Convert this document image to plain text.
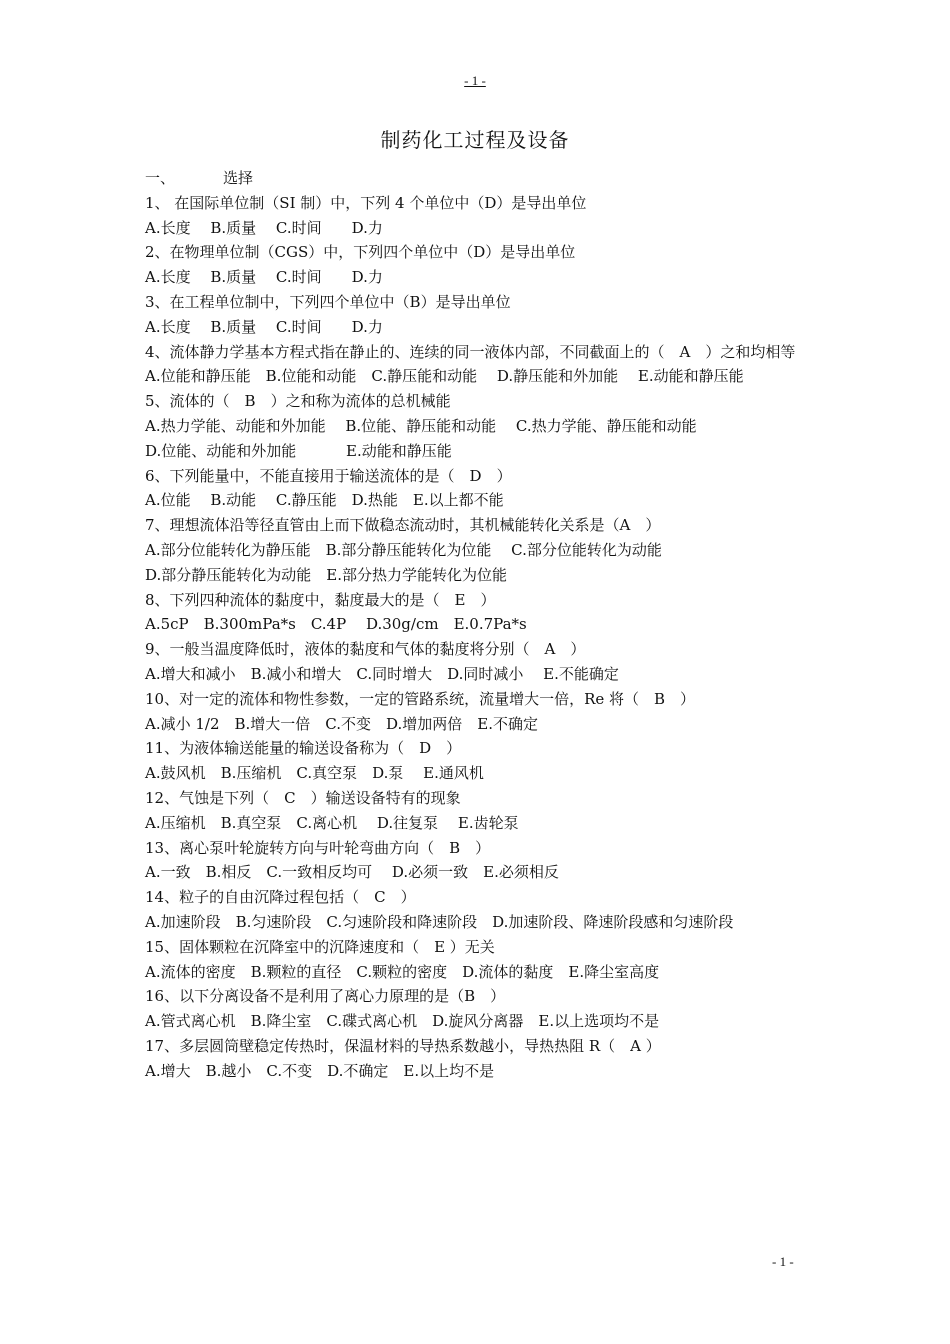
- 1 -
制药化工过程及设备
一、	选择
1、 在国际单位制（SI 制）中，下列 4 个单位中（D）是导出单位
A.长度　 B.质量　 C.时间　　D.力
2、在物理单位制（CGS）中，下列四个单位中（D）是导出单位
A.长度　 B.质量　 C.时间　　D.力
3、在工程单位制中，下列四个单位中（B）是导出单位
A.长度　 B.质量　 C.时间　　D.力
4、流体静力学基本方程式指在静止的、连续的同一液体内部，不同截面上的（　A　）之和均相等
A.位能和静压能　B.位能和动能　C.静压能和动能　 D.静压能和外加能　 E.动能和静压能
5、流体的（　B　）之和称为流体的总机械能
A.热力学能、动能和外加能　 B.位能、静压能和动能　 C.热力学能、静压能和动能
D.位能、动能和外加能　　　 E.动能和静压能
6、下列能量中，不能直接用于输送流体的是（　D　）
A.位能　 B.动能　 C.静压能　D.热能　E.以上都不能
7、理想流体沿等径直管由上而下做稳态流动时，其机械能转化关系是（A　）
A.部分位能转化为静压能　B.部分静压能转化为位能　 C.部分位能转化为动能
D.部分静压能转化为动能　E.部分热力学能转化为位能
8、下列四种流体的黏度中，黏度最大的是（　E　）
A.5cP　B.300mPa*s　C.4P　 D.30g/cm　E.0.7Pa*s
9、一般当温度降低时，液体的黏度和气体的黏度将分别（　A　）
A.增大和减小　B.减小和增大　C.同时增大　D.同时减小　 E.不能确定
10、对一定的流体和物性参数，一定的管路系统，流量增大一倍，Re 将（　B　）
A.减小 1/2　B.增大一倍　C.不变　D.增加两倍　E.不确定
11、为液体输送能量的输送设备称为（　D　）
A.鼓风机　B.压缩机　C.真空泵　D.泵　 E.通风机
12、气蚀是下列（　C　）输送设备特有的现象
A.压缩机　B.真空泵　C.离心机　 D.往复泵　 E.齿轮泵
13、离心泵叶轮旋转方向与叶轮弯曲方向（　B　）
A.一致　B.相反　C.一致相反均可　 D.必须一致　E.必须相反
14、粒子的自由沉降过程包括（　C　）
A.加速阶段　B.匀速阶段　C.匀速阶段和降速阶段　D.加速阶段、降速阶段感和匀速阶段
15、固体颗粒在沉降室中的沉降速度和（　E ）无关
A.流体的密度　B.颗粒的直径　C.颗粒的密度　D.流体的黏度　E.降尘室高度
16、以下分离设备不是利用了离心力原理的是（B　）
A.管式离心机　B.降尘室　C.碟式离心机　D.旋风分离器　E.以上选项均不是
17、多层圆筒壁稳定传热时，保温材料的导热系数越小，导热热阻 R（　A ）
A.增大　B.越小　C.不变　D.不确定　E.以上均不是
- 1 -
